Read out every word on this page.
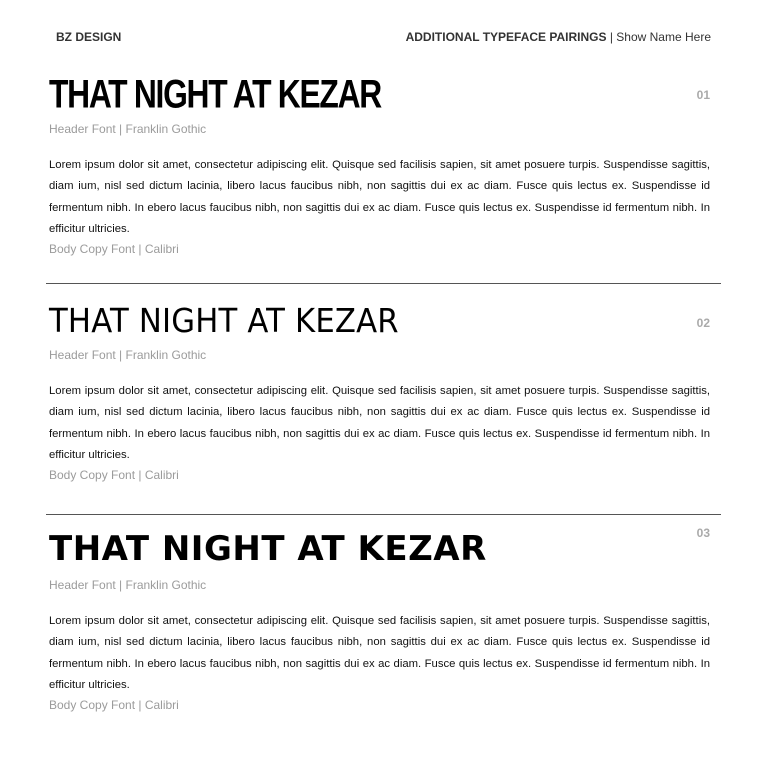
BZ DESIGN	ADDITIONAL TYPEFACE PAIRINGS | Show Name Here
01
THAT NIGHT AT KEZAR
Header Font | Franklin Gothic

Lorem ipsum dolor sit amet, consectetur adipiscing elit. Quisque sed facilisis sapien, sit amet posuere turpis. Suspendisse sagittis, diam ium, nisl sed dictum lacinia, libero lacus faucibus nibh, non sagittis dui ex ac diam. Fusce quis lectus ex. Suspendisse id fermentum nibh. In ebero lacus faucibus nibh, non sagittis dui ex ac diam. Fusce quis lectus ex. Suspendisse id fermentum nibh. In efficitur ultricies.

Body Copy Font | Calibri
02
THAT NIGHT AT KEZAR
Header Font | Franklin Gothic

Lorem ipsum dolor sit amet, consectetur adipiscing elit. Quisque sed facilisis sapien, sit amet posuere turpis. Suspendisse sagittis, diam ium, nisl sed dictum lacinia, libero lacus faucibus nibh, non sagittis dui ex ac diam. Fusce quis lectus ex. Suspendisse id fermentum nibh. In ebero lacus faucibus nibh, non sagittis dui ex ac diam. Fusce quis lectus ex. Suspendisse id fermentum nibh. In efficitur ultricies.

Body Copy Font | Calibri
03
THAT NIGHT AT KEZAR
Header Font | Franklin Gothic

Lorem ipsum dolor sit amet, consectetur adipiscing elit. Quisque sed facilisis sapien, sit amet posuere turpis. Suspendisse sagittis, diam ium, nisl sed dictum lacinia, libero lacus faucibus nibh, non sagittis dui ex ac diam. Fusce quis lectus ex. Suspendisse id fermentum nibh. In ebero lacus faucibus nibh, non sagittis dui ex ac diam. Fusce quis lectus ex. Suspendisse id fermentum nibh. In efficitur ultricies.

Body Copy Font | Calibri
